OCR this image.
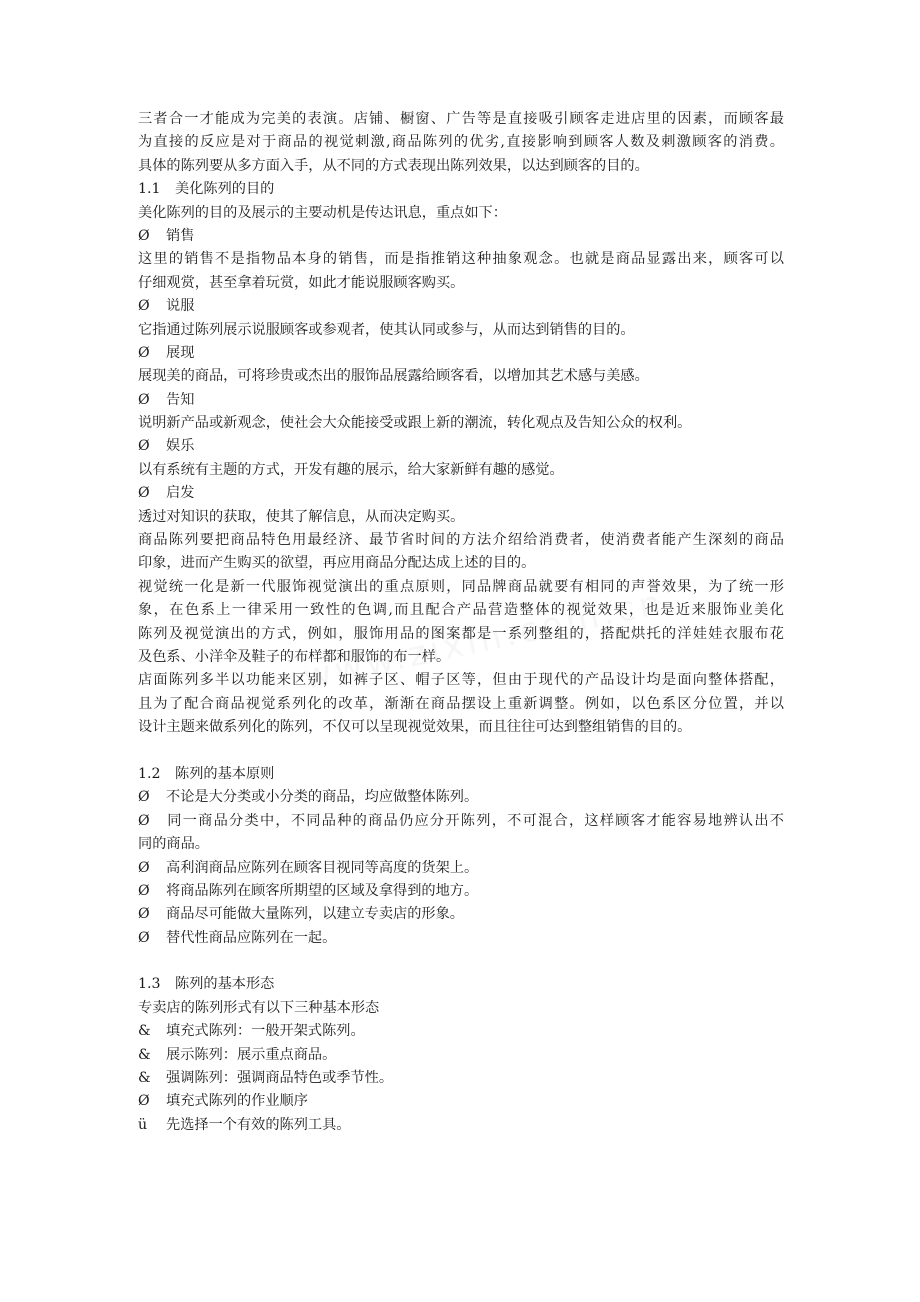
三者合一才能成为完美的表演。店铺、橱窗、广告等是直接吸引顾客走进店里的因素，而顾客最
为直接的反应是对于商品的视觉刺激,商品陈列的优劣,直接影响到顾客人数及刺激顾客的消费。
具体的陈列要从多方面入手，从不同的方式表现出陈列效果，以达到顾客的目的。
1.1 美化陈列的目的
美化陈列的目的及展示的主要动机是传达讯息，重点如下：
Ø 销售
这里的销售不是指物品本身的销售，而是指推销这种抽象观念。也就是商品显露出来，顾客可以
仔细观赏，甚至拿着玩赏，如此才能说服顾客购买。
Ø 说服
它指通过陈列展示说服顾客或参观者，使其认同或参与，从而达到销售的目的。
Ø 展现
展现美的商品，可将珍贵或杰出的服饰品展露给顾客看，以增加其艺术感与美感。
Ø 告知
说明新产品或新观念，使社会大众能接受或跟上新的潮流，转化观点及告知公众的权利。
Ø 娱乐
以有系统有主题的方式，开发有趣的展示，给大家新鲜有趣的感觉。
Ø 启发
透过对知识的获取，使其了解信息，从而决定购买。
商品陈列要把商品特色用最经济、最节省时间的方法介绍给消费者，使消费者能产生深刻的商品
印象，进而产生购买的欲望，再应用商品分配达成上述的目的。
视觉统一化是新一代服饰视觉演出的重点原则，同品牌商品就要有相同的声誉效果，为了统一形
象，在色系上一律采用一致性的色调,而且配合产品营造整体的视觉效果，也是近来服饰业美化
陈列及视觉演出的方式，例如，服饰用品的图案都是一系列整组的，搭配烘托的洋娃娃衣服布花
及色系、小洋伞及鞋子的布样都和服饰的布一样。
店面陈列多半以功能来区别，如裤子区、帽子区等，但由于现代的产品设计均是面向整体搭配，
且为了配合商品视觉系列化的改革，渐渐在商品摆设上重新调整。例如，以色系区分位置，并以
设计主题来做系列化的陈列，不仅可以呈现视觉效果，而且往往可达到整组销售的目的。
1.2 陈列的基本原则
Ø 不论是大分类或小分类的商品，均应做整体陈列。
Ø 同一商品分类中，不同品种的商品仍应分开陈列，不可混合，这样顾客才能容易地辨认出不
同的商品。
Ø 高利润商品应陈列在顾客目视同等高度的货架上。
Ø 将商品陈列在顾客所期望的区域及拿得到的地方。
Ø 商品尽可能做大量陈列，以建立专卖店的形象。
Ø 替代性商品应陈列在一起。
1.3 陈列的基本形态
专卖店的陈列形式有以下三种基本形态
& 填充式陈列：一般开架式陈列。
& 展示陈列：展示重点商品。
& 强调陈列：强调商品特色或季节性。
Ø 填充式陈列的作业顺序
ü 先选择一个有效的陈列工具。
